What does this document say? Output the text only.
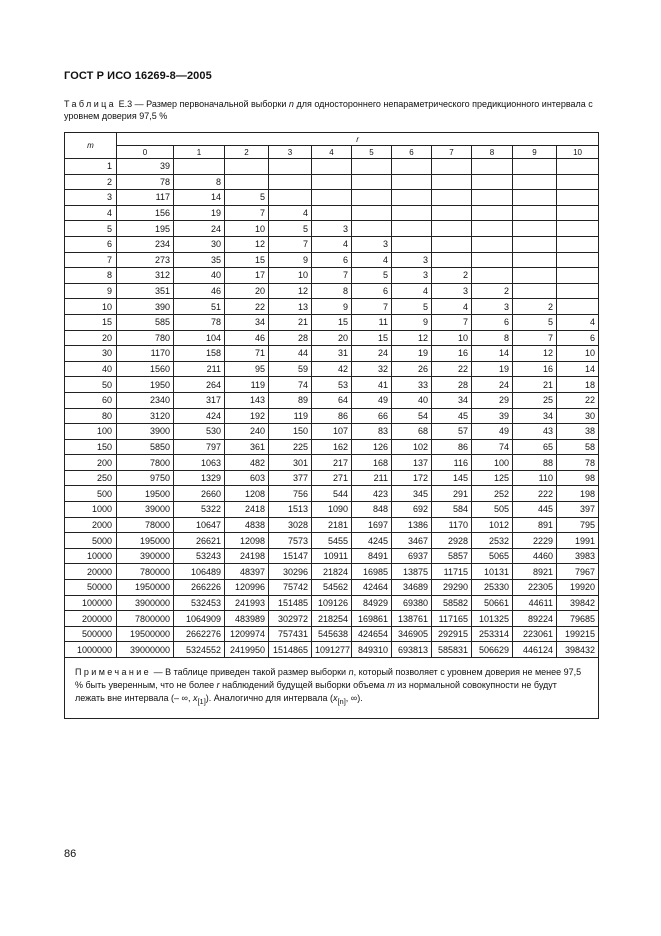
ГОСТ Р ИСО 16269-8—2005
Таблица Е.3 — Размер первоначальной выборки n для одностороннего непараметрического предикционного интервала с уровнем доверия 97,5 %
m	r										
	0	1	2	3	4	5	6	7	8	9	10
1	39										
2	78	8									
3	117	14	5								
4	156	19	7	4							
5	195	24	10	5	3						
6	234	30	12	7	4	3					
7	273	35	15	9	6	4	3				
8	312	40	17	10	7	5	3	2			
9	351	46	20	12	8	6	4	3	2		
10	390	51	22	13	9	7	5	4	3	2	
15	585	78	34	21	15	11	9	7	6	5	4
20	780	104	46	28	20	15	12	10	8	7	6
30	1170	158	71	44	31	24	19	16	14	12	10
40	1560	211	95	59	42	32	26	22	19	16	14
50	1950	264	119	74	53	41	33	28	24	21	18
60	2340	317	143	89	64	49	40	34	29	25	22
80	3120	424	192	119	86	66	54	45	39	34	30
100	3900	530	240	150	107	83	68	57	49	43	38
150	5850	797	361	225	162	126	102	86	74	65	58
200	7800	1063	482	301	217	168	137	116	100	88	78
250	9750	1329	603	377	271	211	172	145	125	110	98
500	19500	2660	1208	756	544	423	345	291	252	222	198
1000	39000	5322	2418	1513	1090	848	692	584	505	445	397
2000	78000	10647	4838	3028	2181	1697	1386	1170	1012	891	795
5000	195000	26621	12098	7573	5455	4245	3467	2928	2532	2229	1991
10000	390000	53243	24198	15147	10911	8491	6937	5857	5065	4460	3983
20000	780000	106489	48397	30296	21824	16985	13875	11715	10131	8921	7967
50000	1950000	266226	120996	75742	54562	42464	34689	29290	25330	22305	19920
100000	3900000	532453	241993	151485	109126	84929	69380	58582	50661	44611	39842
200000	7800000	1064909	483989	302972	218254	169861	138761	117165	101325	89224	79685
500000	19500000	2662276	1209974	757431	545638	424654	346905	292915	253314	223061	199215
1000000	39000000	5324552	2419950	1514865	1091277	849310	693813	585831	506629	446124	398432
Примечание — В таблице приведен такой размер выборки n, который позволяет с уровнем доверия не менее 97,5 % быть уверенным, что не более r наблюдений будущей выборки объема m из нормальной совокупности не будут лежать вне интервала (– ∞, $x_{[1]}$). Аналогично для интервала ($x_{[n]}$, ∞).											
86
